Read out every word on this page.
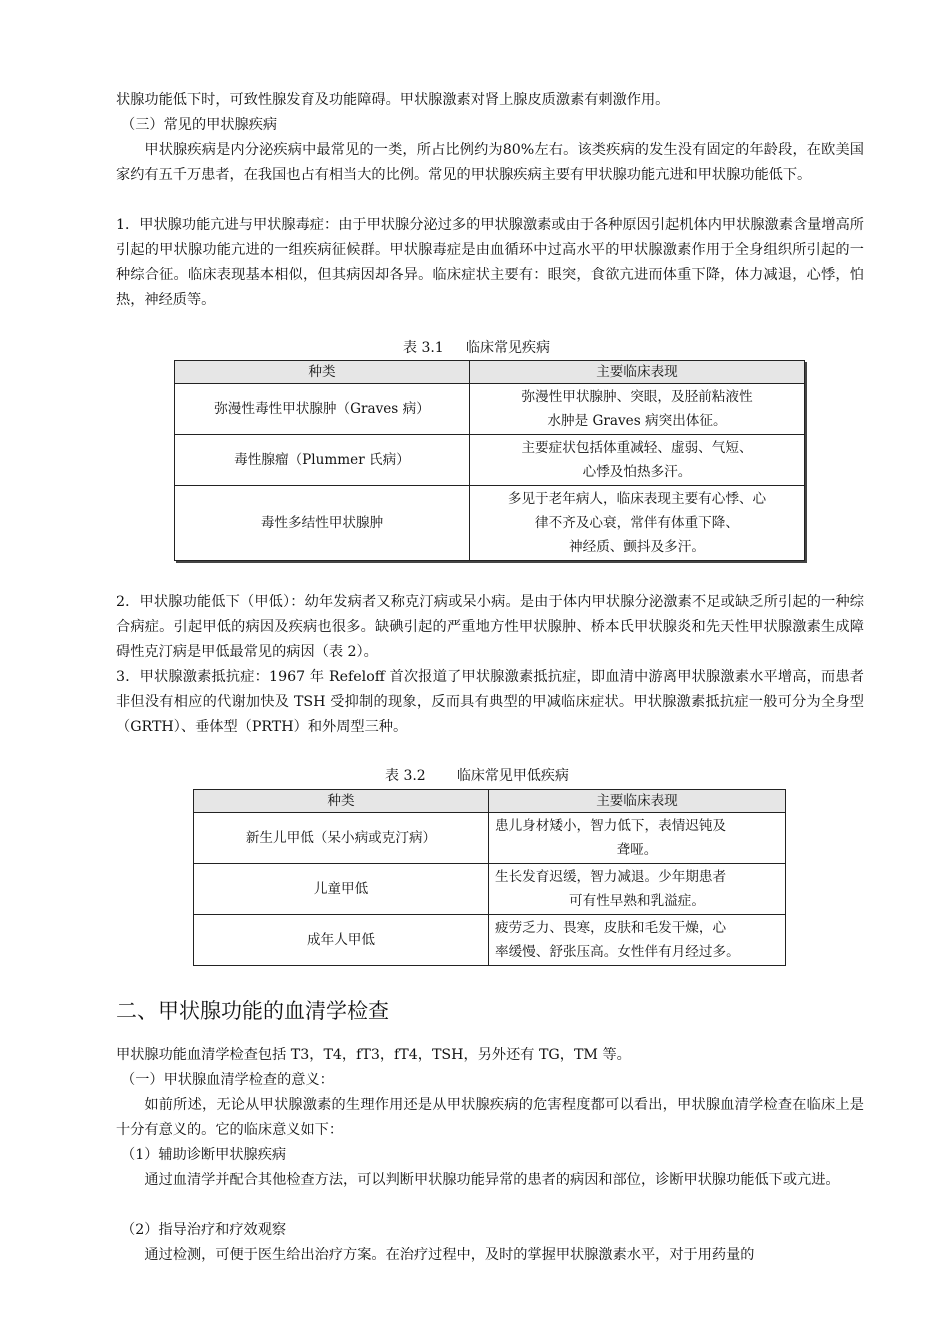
状腺功能低下时，可致性腺发育及功能障碍。甲状腺激素对肾上腺皮质激素有刺激作用。

（三）常见的甲状腺疾病

甲状腺疾病是内分泌疾病中最常见的一类，所占比例约为80%左右。该类疾病的发生没有固定的年龄段，在欧美国家约有五千万患者，在我国也占有相当大的比例。常见的甲状腺疾病主要有甲状腺功能亢进和甲状腺功能低下。

1．甲状腺功能亢进与甲状腺毒症：由于甲状腺分泌过多的甲状腺激素或由于各种原因引起机体内甲状腺激素含量增高所引起的甲状腺功能亢进的一组疾病征候群。甲状腺毒症是由血循环中过高水平的甲状腺激素作用于全身组织所引起的一种综合征。临床表现基本相似，但其病因却各异。临床症状主要有：眼突，食欲亢进而体重下降，体力减退，心悸，怕热，神经质等。

表 3.1     临床常见疾病
种类	主要临床表现
弥漫性毒性甲状腺肿（Graves 病）	弥漫性甲状腺肿、突眼，及胫前粘液性
水肿是 Graves 病突出体征。

毒性腺瘤（Plummer 氏病）	主要症状包括体重减轻、虚弱、气短、
心悸及怕热多汗。

毒性多结性甲状腺肿	多见于老年病人，临床表现主要有心悸、心
律不齐及心衰，常伴有体重下降、
神经质、颤抖及多汗。

2．甲状腺功能低下（甲低）：幼年发病者又称克汀病或呆小病。是由于体内甲状腺分泌激素不足或缺乏所引起的一种综合病症。引起甲低的病因及疾病也很多。缺碘引起的严重地方性甲状腺肿、桥本氏甲状腺炎和先天性甲状腺激素生成障碍性克汀病是甲低最常见的病因（表 2）。

3．甲状腺激素抵抗症：1967 年 Refeloff 首次报道了甲状腺激素抵抗症，即血清中游离甲状腺激素水平增高，而患者非但没有相应的代谢加快及 TSH 受抑制的现象，反而具有典型的甲减临床症状。甲状腺激素抵抗症一般可分为全身型（GRTH）、垂体型（PRTH）和外周型三种。

表 3.2       临床常见甲低疾病
种类	主要临床表现
新生儿甲低（呆小病或克汀病）	患儿身材矮小，智力低下，表情迟钝及
聋哑。

儿童甲低	生长发育迟缓，智力减退。少年期患者
可有性早熟和乳溢症。

成年人甲低	疲劳乏力、畏寒，皮肤和毛发干燥，心
率缓慢、舒张压高。女性伴有月经过多。
二、甲状腺功能的血清学检查

甲状腺功能血清学检查包括 T3，T4，fT3，fT4，TSH，另外还有 TG，TM 等。

（一）甲状腺血清学检查的意义：

如前所述，无论从甲状腺激素的生理作用还是从甲状腺疾病的危害程度都可以看出，甲状腺血清学检查在临床上是十分有意义的。它的临床意义如下：

（1）辅助诊断甲状腺疾病

通过血清学并配合其他检查方法，可以判断甲状腺功能异常的患者的病因和部位，诊断甲状腺功能低下或亢进。

（2）指导治疗和疗效观察

通过检测，可便于医生给出治疗方案。在治疗过程中，及时的掌握甲状腺激素水平，对于用药量的
